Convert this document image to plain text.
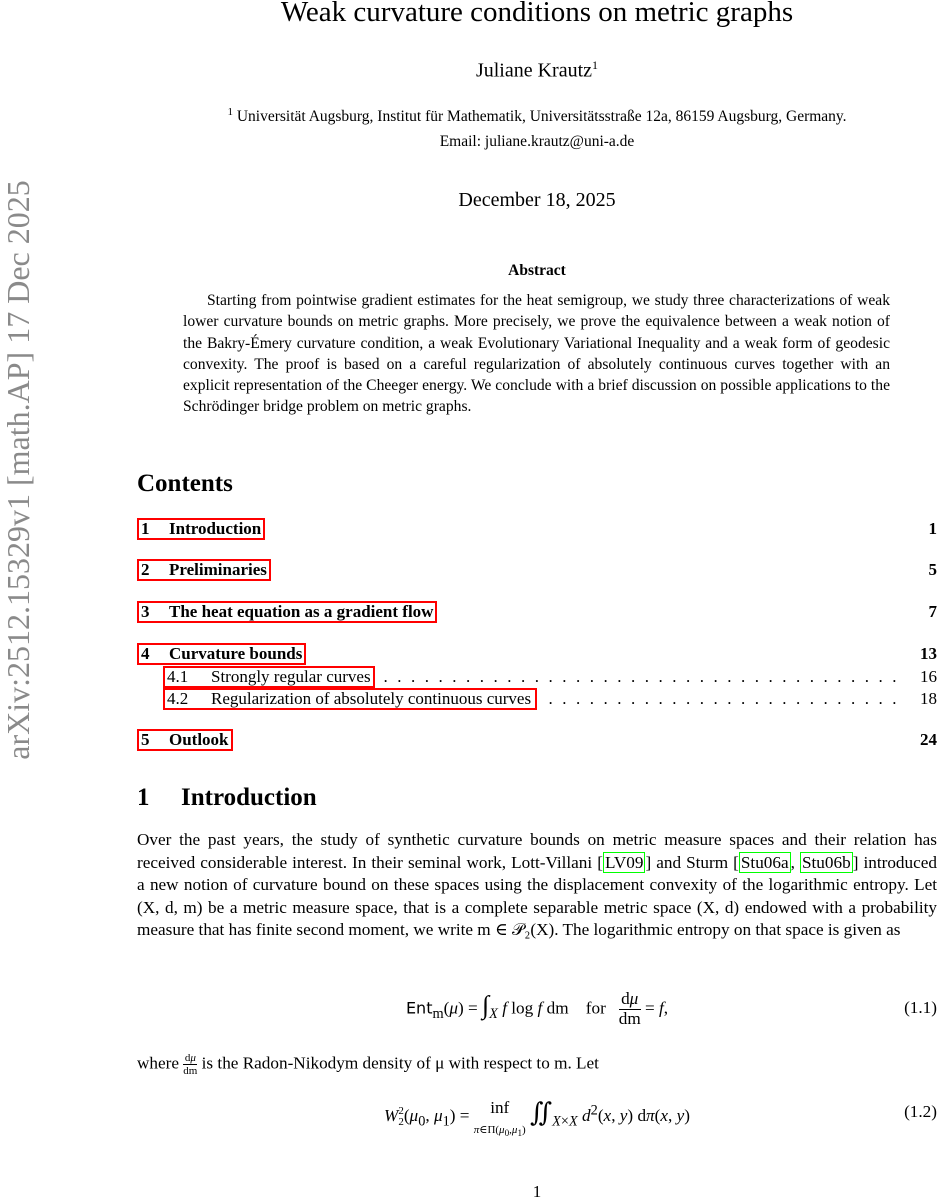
arXiv:2512.15329v1 [math.AP] 17 Dec 2025
Weak curvature conditions on metric graphs
Juliane Krautz$^1$
$^1$ Universität Augsburg, Institut für Mathematik, Universitätsstraße 12a, 86159 Augsburg, Germany.
Email: juliane.krautz@uni-a.de
December 18, 2025
Abstract
Starting from pointwise gradient estimates for the heat semigroup, we study three characterizations of weak lower curvature bounds on metric graphs. More precisely, we prove the equivalence between a weak notion of the Bakry-Émery curvature condition, a weak Evolutionary Variational Inequality and a weak form of geodesic convexity. The proof is based on a careful regularization of absolutely continuous curves together with an explicit representation of the Cheeger energy. We conclude with a brief discussion on possible applications to the Schrödinger bridge problem on metric graphs.
Contents
1 Introduction	1
2 Preliminaries	5
3 The heat equation as a gradient flow	7
4 Curvature bounds	13
4.1 Strongly regular curves ...................................... 16
4.2 Regularization of absolutely continuous curves	.......................... 18
5 Outlook	24
1 Introduction
Over the past years, the study of synthetic curvature bounds on metric measure spaces and their relation has received considerable interest. In their seminal work, Lott-Villani [ LV09 ] and Sturm [ Stu06a , Stu06b ] introduced a new notion of curvature bound on these spaces using the displacement convexity of the logarithmic entropy. Let (X, d, m) be a metric measure space, that is a complete separable metric space (X, d) endowed with a probability measure that has finite second moment, we write m ∈ 𝒫₂(X). The logarithmic entropy on that space is given as
$Ent_m(\mu) = \int_X$ f log f dm    for $\frac{d\mu}{dm} = f$,	(1.1)
where $\frac{d\mu}{dm}$ is the Radon-Nikodym density of μ with respect to m. Let
W 2
2 ($\mu_0$, $\mu_1$) = inf
$\pi\in\Pi(\mu_0,\mu_1)$ $∬_{X\times X}$ $d^2(x$, y) dπ(x, y)	(1.2)
1
